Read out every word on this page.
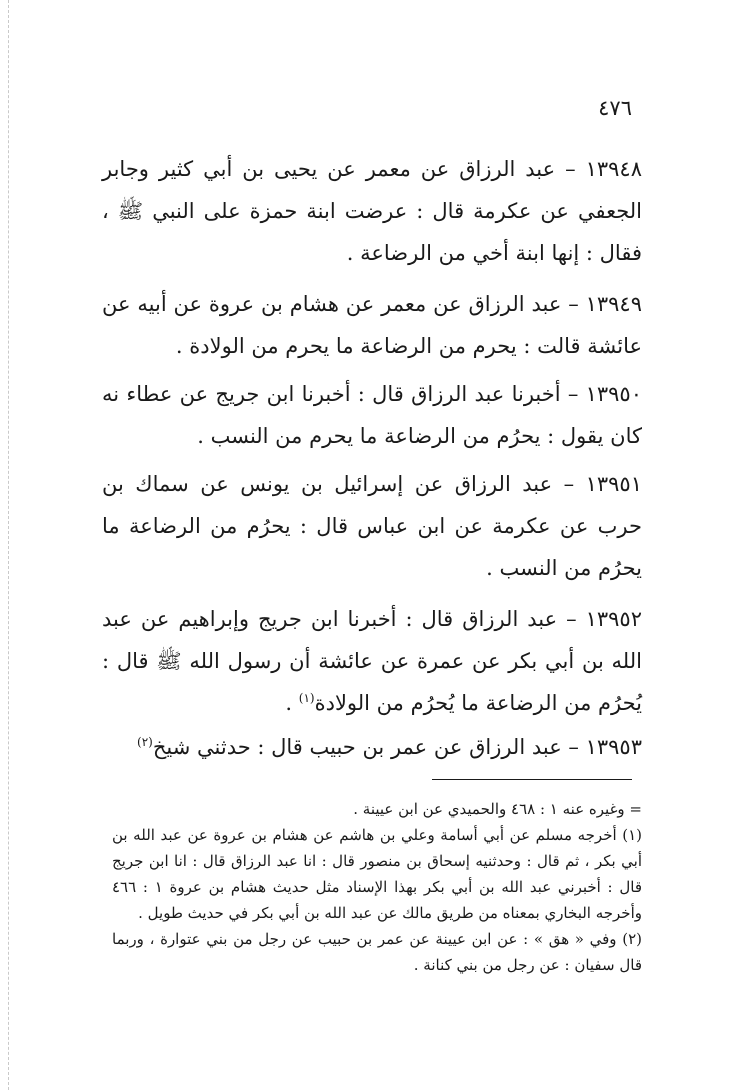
٤٧٦

١٣٩٤٨ – عبد الرزاق عن معمر عن يحيى بن أبي كثير وجابر الجعفي عن عكرمة قال : عرضت ابنة حمزة على النبي ﷺ ، فقال : إنها ابنة أخي من الرضاعة .

١٣٩٤٩ – عبد الرزاق عن معمر عن هشام بن عروة عن أبيه عن عائشة قالت : يحرم من الرضاعة ما يحرم من الولادة .

١٣٩٥٠ – أخبرنا عبد الرزاق قال : أخبرنا ابن جريج عن عطاء نه كان يقول : يحرُم من الرضاعة ما يحرم من النسب .

١٣٩٥١ – عبد الرزاق عن إسرائيل بن يونس عن سماك بن حرب عن عكرمة عن ابن عباس قال : يحرُم من الرضاعة ما يحرُم من النسب .

١٣٩٥٢ – عبد الرزاق قال : أخبرنا ابن جريج وإبراهيم عن عبد الله بن أبي بكر عن عمرة عن عائشة أن رسول الله ﷺ قال : يُحرُم من الرضاعة ما يُحرُم من الولادة$^{(١)}$ .

١٣٩٥٣ – عبد الرزاق عن عمر بن حبيب قال : حدثني شيخ$^{(٢)}$

= وغيره عنه ١ : ٤٦٨ والحميدي عن ابن عيينة .

(١) أخرجه مسلم عن أبي أسامة وعلي بن هاشم عن هشام بن عروة عن عبد الله بن أبي بكر ، ثم قال : وحدثنيه إسحاق بن منصور قال : انا عبد الرزاق قال : انا ابن جريج قال : أخبرني عبد الله بن أبي بكر بهذا الإسناد مثل حديث هشام بن عروة ١ : ٤٦٦ وأخرجه البخاري بمعناه من طريق مالك عن عبد الله بن أبي بكر في حديث طويل .

(٢) وفي « هق » : عن ابن عيينة عن عمر بن حبيب عن رجل من بني عتوارة ، وربما قال سفيان : عن رجل من بني كنانة .
